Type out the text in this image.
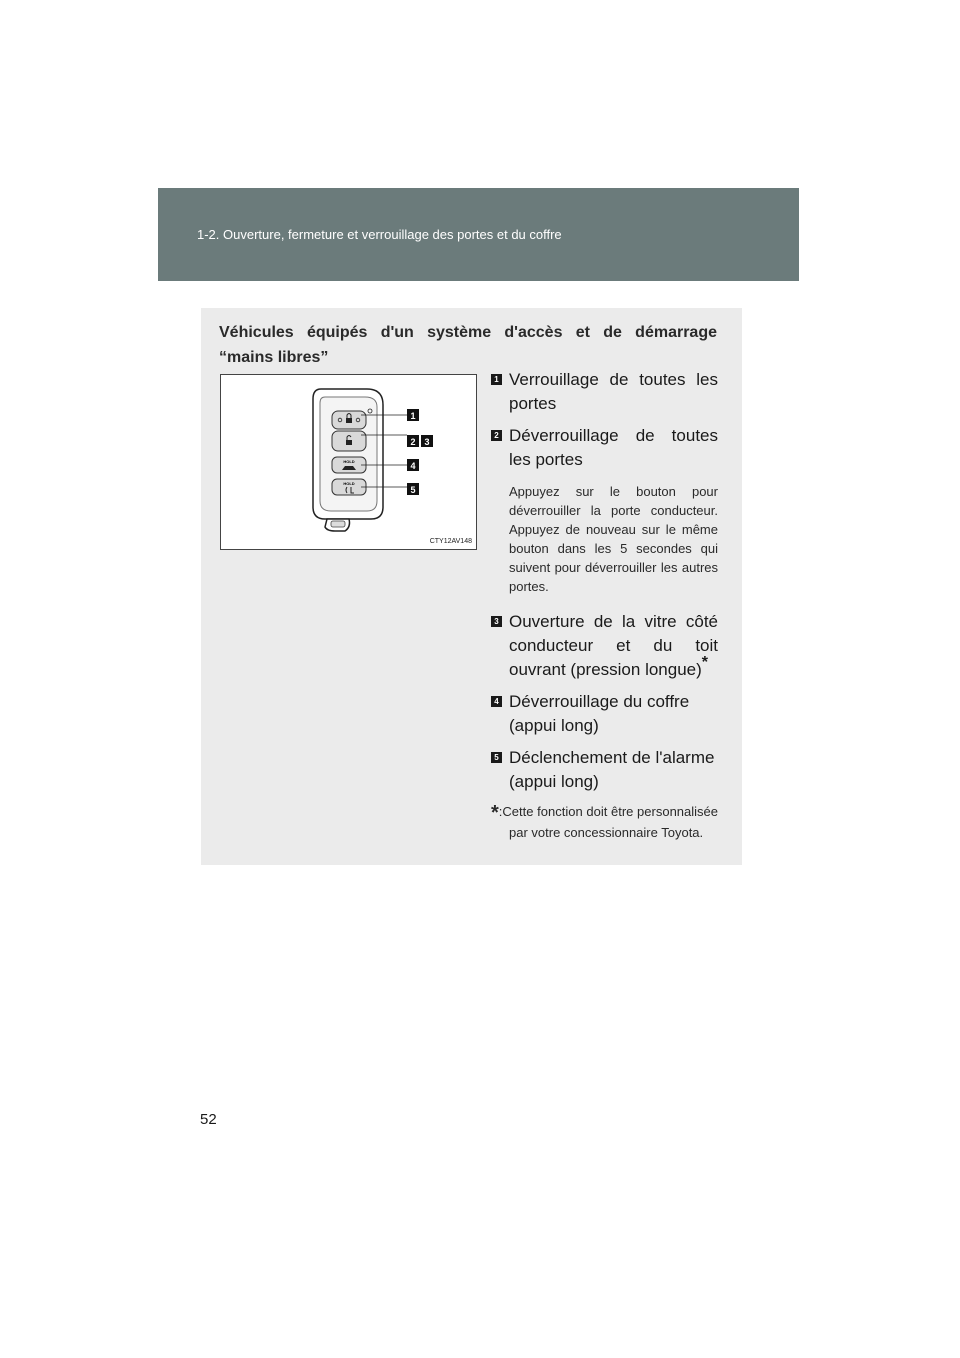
1-2. Ouverture, fermeture et verrouillage des portes et du coffre
Véhicules équipés d'un système d'accès et de démarrage
“mains libres”
HOLD
HOLD
1
2 3
4
5
CTY12AV148
1 Verrouillage de toutes les portes
2 Déverrouillage de toutes les portes
Appuyez sur le bouton pour déverrouiller la porte conducteur. Appuyez de nouveau sur le même bouton dans les 5 secondes qui suivent pour déverrouiller les autres portes.
3 Ouverture de la vitre côté conducteur et du toit ouvrant (pression longue)*
4 Déverrouillage du coffre (appui long)
5 Déclenchement de l'alarme (appui long)
*:Cette fonction doit être personnalisée par votre concessionnaire Toyota.
52
